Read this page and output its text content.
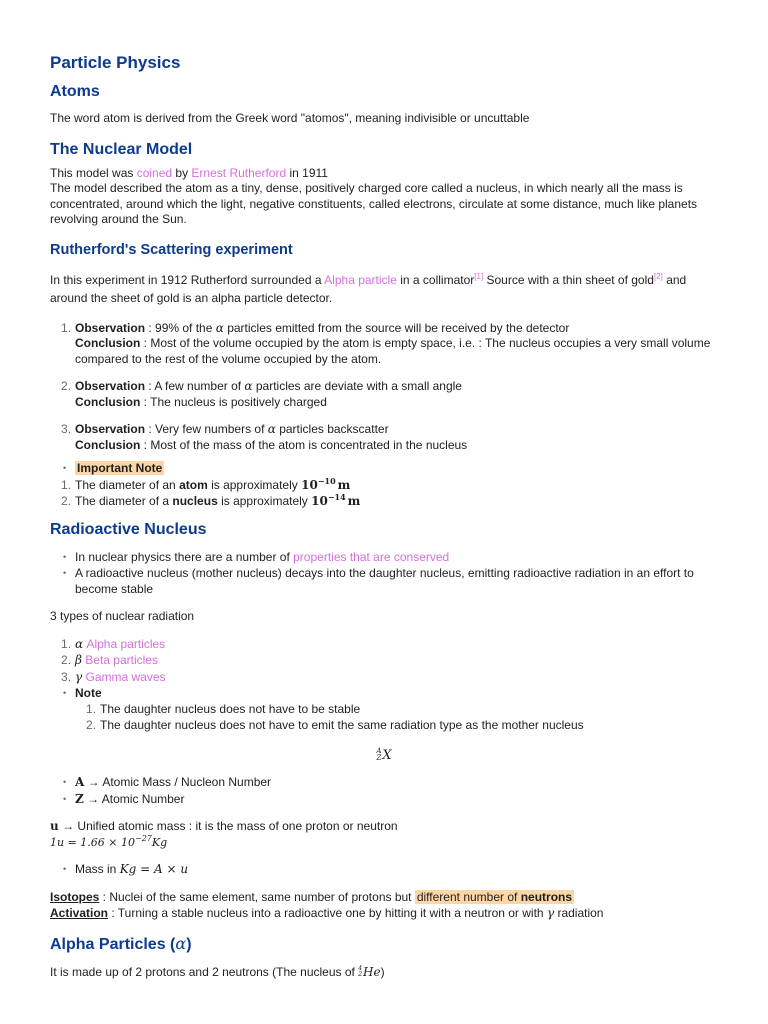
Particle Physics
Atoms

The word atom is derived from the Greek word "atomos", meaning indivisible or uncuttable

The Nuclear Model

This model was coined by Ernest Rutherford in 1911

The model described the atom as a tiny, dense, positively charged core called a nucleus, in which nearly all the mass is concentrated, around which the light, negative constituents, called electrons, circulate at some distance, much like planets revolving around the Sun.

Rutherford's Scattering experiment

In this experiment in 1912 Rutherford surrounded a Alpha particle in a collimator[1] Source with a thin sheet of gold[2] and around the sheet of gold is an alpha particle detector.

Observation : 99% of the α particles emitted from the source will be received by the detector
Conclusion : Most of the volume occupied by the atom is empty space, i.e. : The nucleus occupies a very small volume compared to the rest of the volume occupied by the atom.
Observation : A few number of α particles are deviate with a small angle
Conclusion : The nucleus is positively charged
Observation : Very few numbers of α particles backscatter
Conclusion : Most of the mass of the atom is concentrated in the nucleus
• Important Note
The diameter of an atom is approximately $10^{-10}$ m
The diameter of a nucleus is approximately $10^{-14}$ m
Radioactive Nucleus
• In nuclear physics there are a number of properties that are conserved
• A radioactive nucleus (mother nucleus) decays into the daughter nucleus, emitting radioactive radiation in an effort to become stable

3 types of nuclear radiation

α Alpha particles
β Beta particles
γ Gamma waves
• Note
The daughter nucleus does not have to be stable
The daughter nucleus does not have to emit the same radiation type as the mother nucleus
A
ZX
• A → Atomic Mass / Nucleon Number
• Z → Atomic Number

u → Unified atomic mass : it is the mass of one proton or neutron

$1u = 1.66 \times 10^{-27}Kg$

• Mass in Kg = A × u

Isotopes : Nuclei of the same element, same number of protons but different number of neutrons

Activation : Turning a stable nucleus into a radioactive one by hitting it with a neutron or with γ radiation

Alpha Particles (α)

It is made up of 2 protons and 2 neutrons (The nucleus of 4
2He)
